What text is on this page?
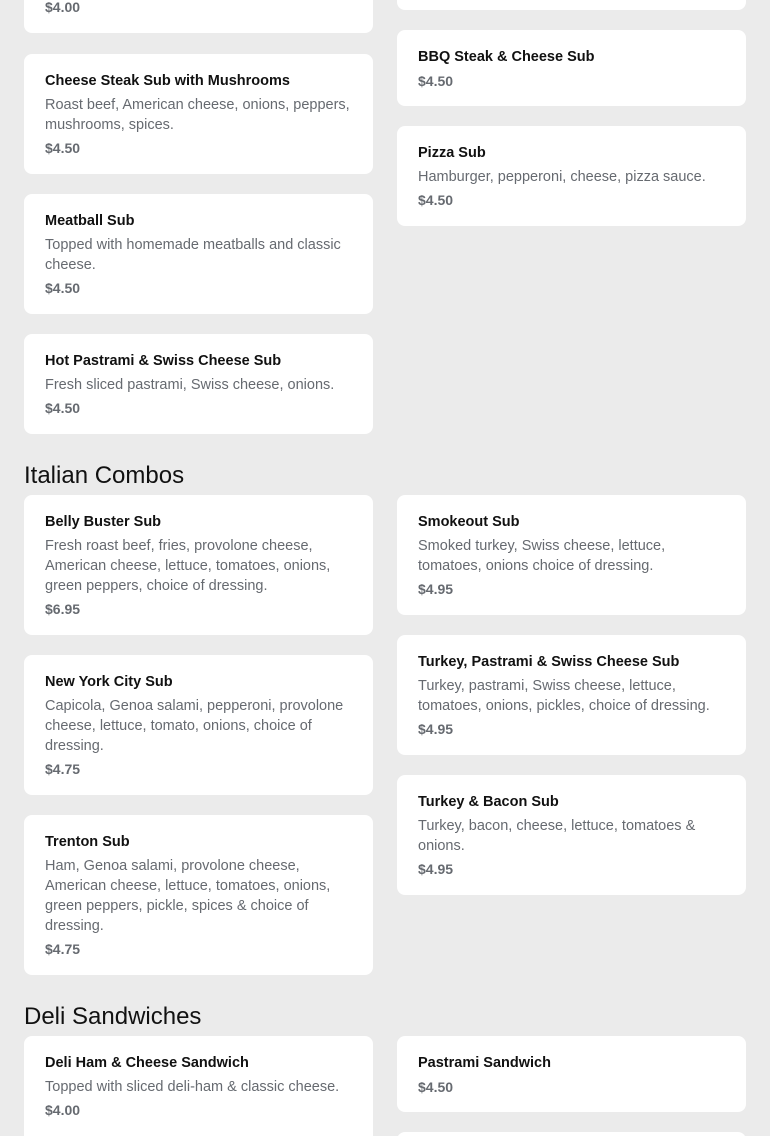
$4.00
BBQ Steak & Cheese Sub
$4.50
Cheese Steak Sub with Mushrooms
Roast beef, American cheese, onions, peppers, mushrooms, spices.
$4.50	Pizza Sub
Hamburger, pepperoni, cheese, pizza sauce.
$4.50
Meatball Sub
Topped with homemade meatballs and classic cheese.
$4.50
Hot Pastrami & Swiss Cheese Sub
Fresh sliced pastrami, Swiss cheese, onions.
$4.50
Italian Combos
Belly Buster Sub
Fresh roast beef, fries, provolone cheese, American cheese, lettuce, tomatoes, onions, green peppers, choice of dressing.
$6.95
Smokeout Sub
Smoked turkey, Swiss cheese, lettuce, tomatoes, onions choice of dressing.
$4.95
New York City Sub
Capicola, Genoa salami, pepperoni, provolone cheese, lettuce, tomato, onions, choice of dressing.
$4.75
Turkey, Pastrami & Swiss Cheese Sub
Turkey, pastrami, Swiss cheese, lettuce, tomatoes, onions, pickles, choice of dressing.
$4.95
Trenton Sub
Ham, Genoa salami, provolone cheese, American cheese, lettuce, tomatoes, onions, green peppers, pickle, spices & choice of dressing.
$4.75
Turkey & Bacon Sub
Turkey, bacon, cheese, lettuce, tomatoes & onions.
$4.95
Deli Sandwiches
Deli Ham & Cheese Sandwich
Topped with sliced deli-ham & classic cheese.
$4.00
Pastrami Sandwich
$4.50
